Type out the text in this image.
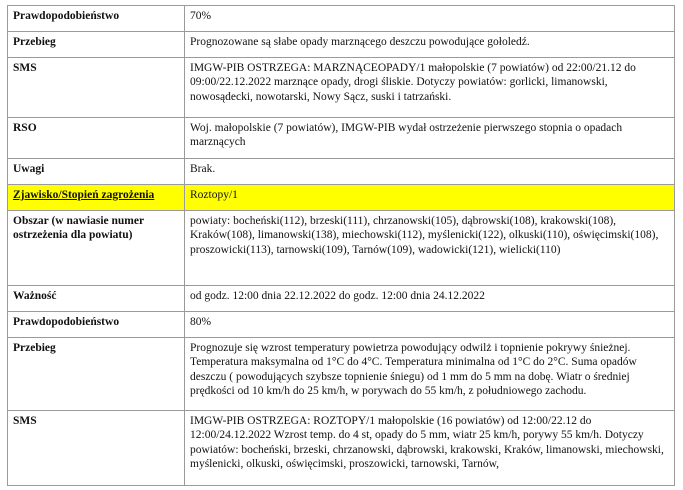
Prawdopodobieństwo	70%
Przebieg	Prognozowane są słabe opady marznącego deszczu powodujące gołoledź.
SMS	IMGW-PIB OSTRZEGA: MARZNĄCEOPADY/1 małopolskie (7 powiatów) od 22:00/21.12 do 09:00/22.12.2022 marznące opady, drogi śliskie. Dotyczy powiatów: gorlicki, limanowski, nowosądecki, nowotarski, Nowy Sącz, suski i tatrzański.
RSO	Woj. małopolskie (7 powiatów), IMGW-PIB wydał ostrzeżenie pierwszego stopnia o opadach marznących
Uwagi	Brak.
Zjawisko/Stopień zagrożenia	Roztopy/1
Obszar (w nawiasie numer ostrzeżenia dla powiatu)	powiaty: bocheński(112), brzeski(111), chrzanowski(105), dąbrowski(108), krakowski(108), Kraków(108), limanowski(138), miechowski(112), myślenicki(122), olkuski(110), oświęcimski(108), proszowicki(113), tarnowski(109), Tarnów(109), wadowicki(121), wielicki(110)
Ważność	od godz. 12:00 dnia 22.12.2022 do godz. 12:00 dnia 24.12.2022
Prawdopodobieństwo	80%
Przebieg	Prognozuje się wzrost temperatury powietrza powodujący odwilż i topnienie pokrywy śnieżnej. Temperatura maksymalna od 1°C do 4°C. Temperatura minimalna od 1°C do 2°C. Suma opadów deszczu ( powodujących szybsze topnienie śniegu) od 1 mm do 5 mm na dobę. Wiatr o średniej prędkości od 10 km/h do 25 km/h, w porywach do 55 km/h, z południowego zachodu.
SMS	IMGW-PIB OSTRZEGA: ROZTOPY/1 małopolskie (16 powiatów) od 12:00/22.12 do 12:00/24.12.2022 Wzrost temp. do 4 st, opady do 5 mm, wiatr 25 km/h, porywy 55 km/h. Dotyczy powiatów: bocheński, brzeski, chrzanowski, dąbrowski, krakowski, Kraków, limanowski, miechowski, myślenicki, olkuski, oświęcimski, proszowicki, tarnowski, Tarnów,
